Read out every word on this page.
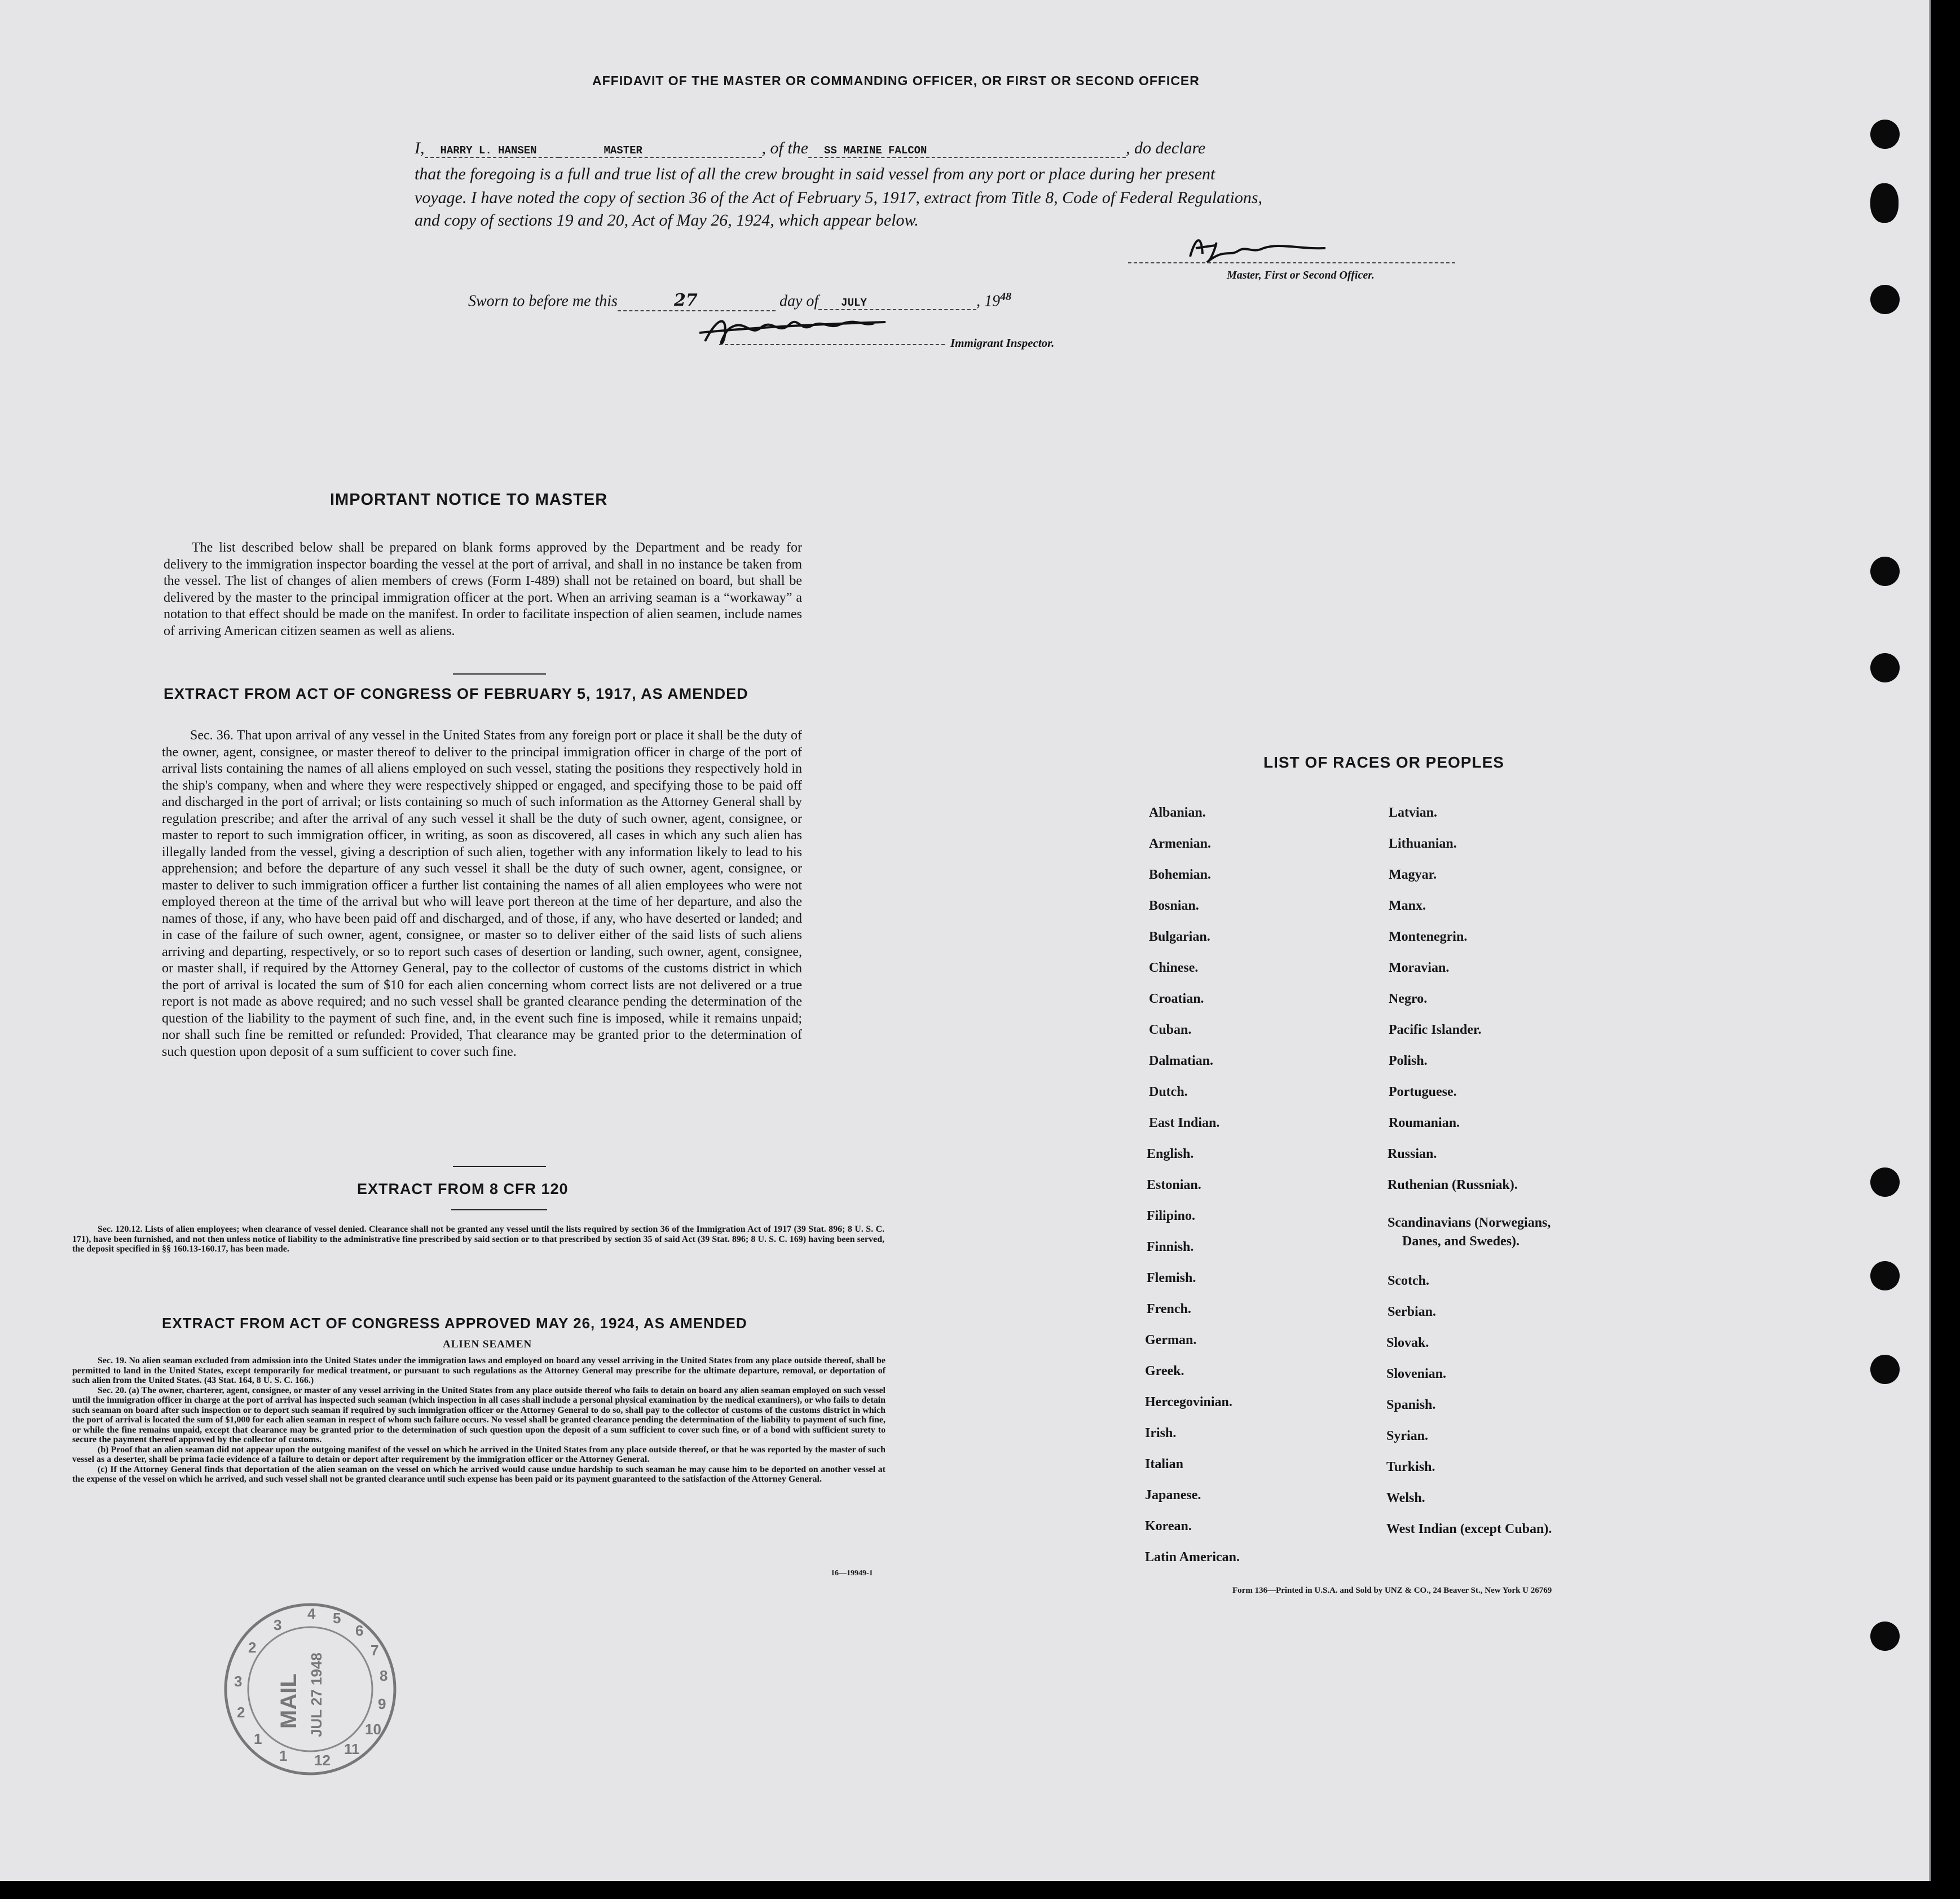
AFFIDAVIT OF THE MASTER OR COMMANDING OFFICER, OR FIRST OR SECOND OFFICER
I, HARRY L. HANSEN	MASTER	, of the SS MARINE FALCON	, do declare
that the foregoing is a full and true list of all the crew brought in said vessel from any port or place during her present
voyage. I have noted the copy of section 36 of the Act of February 5, 1917, extract from Title 8, Code of Federal Regulations,
and copy of sections 19 and 20, Act of May 26, 1924, which appear below.
Master, First or Second Officer.
Sworn to before me this	27	day of JULY	, $19^{48}$
Immigrant Inspector.
IMPORTANT NOTICE TO MASTER

The list described below shall be prepared on blank forms approved by the Department and be ready for delivery to the immigration inspector boarding the vessel at the port of arrival, and shall in no instance be taken from the vessel. The list of changes of alien members of crews (Form I-489) shall not be retained on board, but shall be delivered by the master to the principal immigration officer at the port. When an arriving seaman is a “workaway” a notation to that effect should be made on the manifest. In order to facilitate inspection of alien seamen, include names of arriving American citizen seamen as well as aliens.

EXTRACT FROM ACT OF CONGRESS OF FEBRUARY 5, 1917, AS AMENDED

Sec. 36. That upon arrival of any vessel in the United States from any foreign port or place it shall be the duty of the owner, agent, consignee, or master thereof to deliver to the principal immigration officer in charge of the port of arrival lists containing the names of all aliens employed on such vessel, stating the positions they respectively hold in the ship's company, when and where they were respectively shipped or engaged, and specifying those to be paid off and discharged in the port of arrival; or lists containing so much of such information as the Attorney General shall by regulation prescribe; and after the arrival of any such vessel it shall be the duty of such owner, agent, consignee, or master to report to such immigration officer, in writing, as soon as discovered, all cases in which any such alien has illegally landed from the vessel, giving a description of such alien, together with any information likely to lead to his apprehension; and before the departure of any such vessel it shall be the duty of such owner, agent, consignee, or master to deliver to such immigration officer a further list containing the names of all alien employees who were not employed thereon at the time of the arrival but who will leave port thereon at the time of her departure, and also the names of those, if any, who have been paid off and discharged, and of those, if any, who have deserted or landed; and in case of the failure of such owner, agent, consignee, or master so to deliver either of the said lists of such aliens arriving and departing, respectively, or so to report such cases of desertion or landing, such owner, agent, consignee, or master shall, if required by the Attorney General, pay to the collector of customs of the customs district in which the port of arrival is located the sum of $10 for each alien concerning whom correct lists are not delivered or a true report is not made as above required; and no such vessel shall be granted clearance pending the determination of the question of the liability to the payment of such fine, and, in the event such fine is imposed, while it remains unpaid; nor shall such fine be remitted or refunded: Provided, That clearance may be granted prior to the determination of such question upon deposit of a sum sufficient to cover such fine.

EXTRACT FROM 8 CFR 120

Sec. 120.12. Lists of alien employees; when clearance of vessel denied. Clearance shall not be granted any vessel until the lists required by section 36 of the Immigration Act of 1917 (39 Stat. 896; 8 U. S. C. 171), have been furnished, and not then unless notice of liability to the administrative fine prescribed by said section or to that prescribed by section 35 of said Act (39 Stat. 896; 8 U. S. C. 169) having been served, the deposit specified in §§ 160.13-160.17, has been made.

EXTRACT FROM ACT OF CONGRESS APPROVED MAY 26, 1924, AS AMENDED
ALIEN SEAMEN

Sec. 19. No alien seaman excluded from admission into the United States under the immigration laws and employed on board any vessel arriving in the United States from any place outside thereof, shall be permitted to land in the United States, except temporarily for medical treatment, or pursuant to such regulations as the Attorney General may prescribe for the ultimate departure, removal, or deportation of such alien from the United States. (43 Stat. 164, 8 U. S. C. 166.)

Sec. 20. (a) The owner, charterer, agent, consignee, or master of any vessel arriving in the United States from any place outside thereof who fails to detain on board any alien seaman employed on such vessel until the immigration officer in charge at the port of arrival has inspected such seaman (which inspection in all cases shall include a personal physical examination by the medical examiners), or who fails to detain such seaman on board after such inspection or to deport such seaman if required by such immigration officer or the Attorney General to do so, shall pay to the collector of customs of the customs district in which the port of arrival is located the sum of $1,000 for each alien seaman in respect of whom such failure occurs. No vessel shall be granted clearance pending the determination of the liability to payment of such fine, or while the fine remains unpaid, except that clearance may be granted prior to the determination of such question upon the deposit of a sum sufficient to cover such fine, or of a bond with sufficient surety to secure the payment thereof approved by the collector of customs.

(b) Proof that an alien seaman did not appear upon the outgoing manifest of the vessel on which he arrived in the United States from any place outside thereof, or that he was reported by the master of such vessel as a deserter, shall be prima facie evidence of a failure to detain or deport after requirement by the immigration officer or the Attorney General.

(c) If the Attorney General finds that deportation of the alien seaman on the vessel on which he arrived would cause undue hardship to such seaman he may cause him to be deported on another vessel at the expense of the vessel on which he arrived, and such vessel shall not be granted clearance until such expense has been paid or its payment guaranteed to the satisfaction of the Attorney General.

16—19949-1
LIST OF RACES OR PEOPLES
Albanian.
Armenian.
Bohemian.
Bosnian.
Bulgarian.
Chinese.
Croatian.
Cuban.
Dalmatian.
Dutch.
East Indian.
English.
Estonian.
Filipino.
Finnish.
Flemish.
French.
German.
Greek.
Hercegovinian.
Irish.
Italian
Japanese.
Korean.
Latin American.
Latvian.
Lithuanian.
Magyar.
Manx.
Montenegrin.
Moravian.
Negro.
Pacific Islander.
Polish.
Portuguese.
Roumanian.
Russian.
Ruthenian (Russniak).
Scandinavians (Norwegians,
Danes, and Swedes).
Scotch.
Serbian.
Slovak.
Slovenian.
Spanish.
Syrian.
Turkish.
Welsh.
West Indian (except Cuban).
Form 136—Printed in U.S.A. and Sold by UNZ & CO., 24 Beaver St., New York U 26769
4 5
6
7
8
9
10
11
12
1
1
2
3
2
3
MAIL JUL 27 1948
